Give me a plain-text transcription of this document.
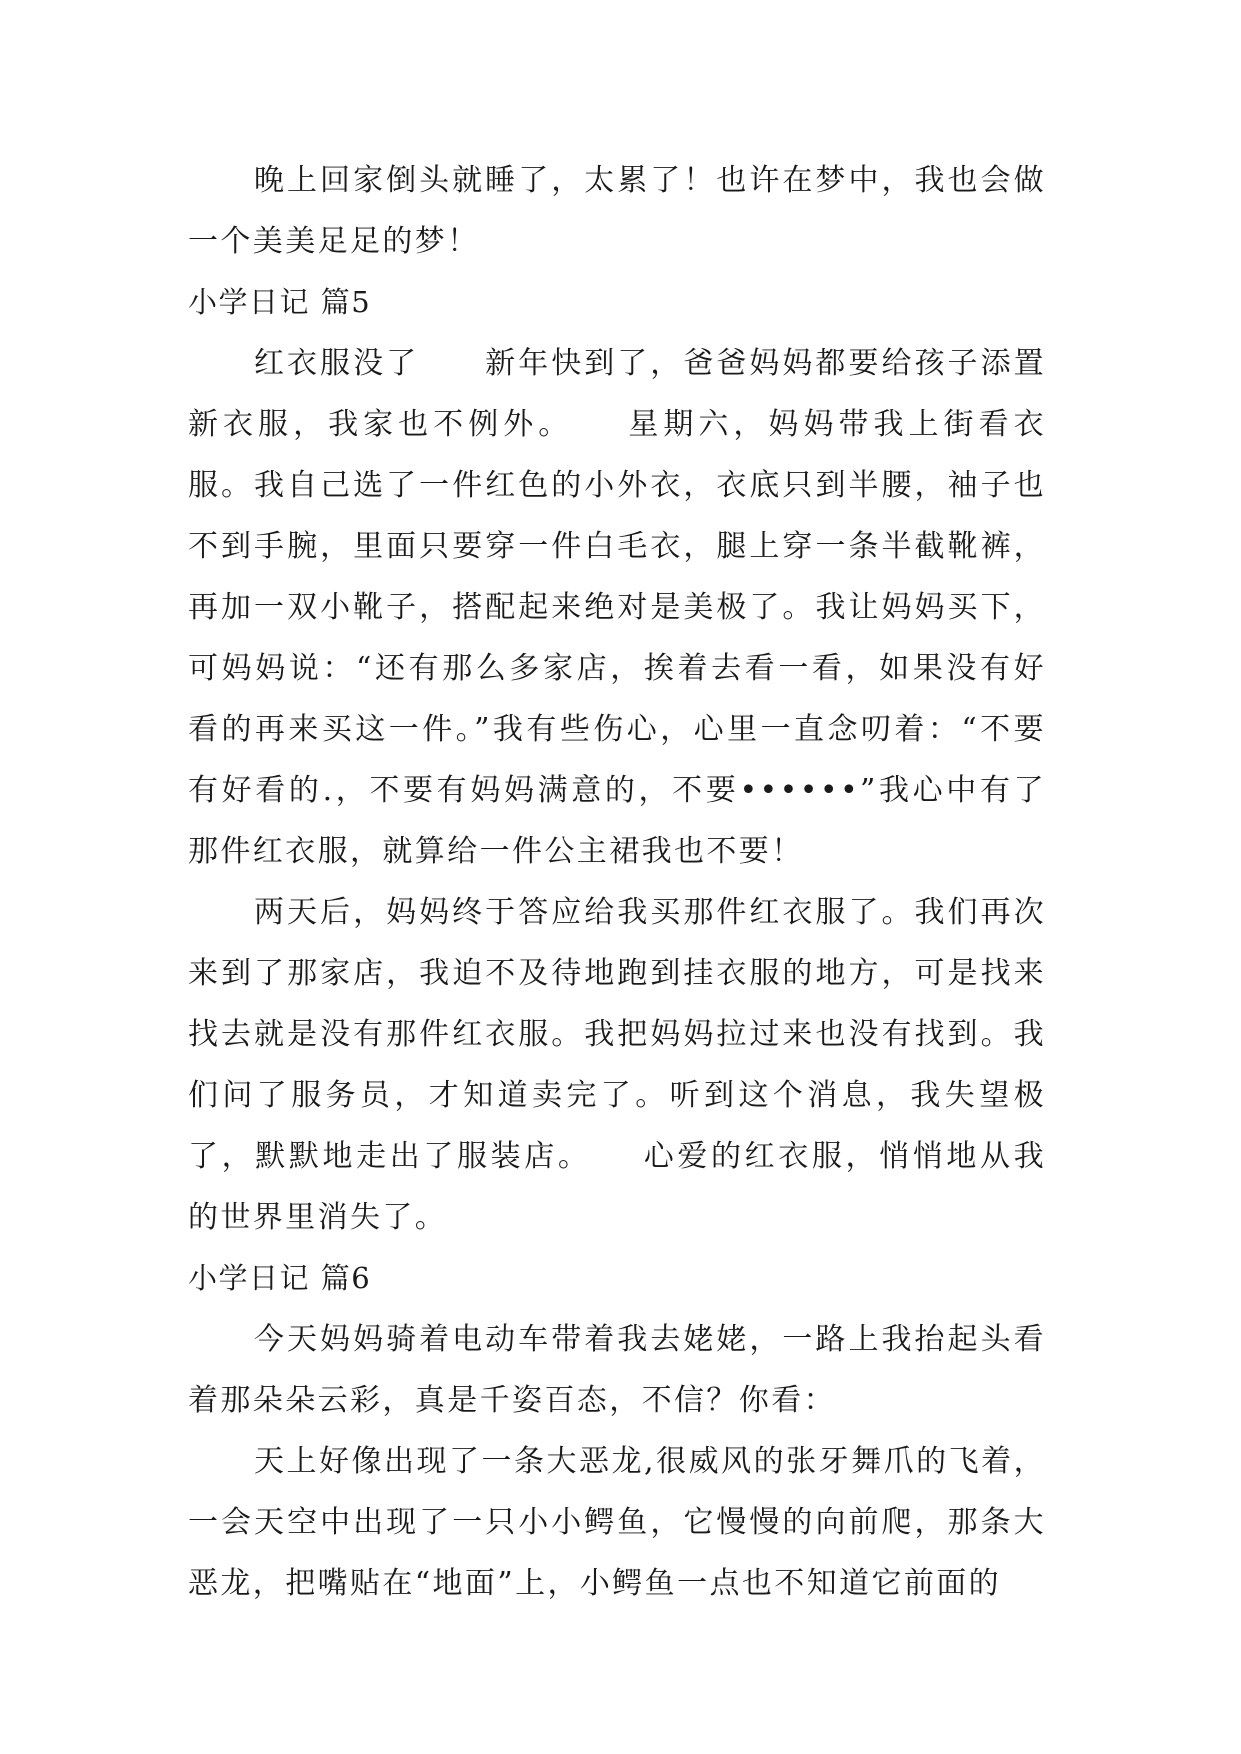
晚上回家倒头就睡了，太累了！也许在梦中，我也会做一个美美足足的梦！

小学日记 篇5

红衣服没了　　新年快到了，爸爸妈妈都要给孩子添置新衣服，我家也不例外。　　星期六，妈妈带我上街看衣服。我自己选了一件红色的小外衣，衣底只到半腰，袖子也不到手腕，里面只要穿一件白毛衣，腿上穿一条半截靴裤，再加一双小靴子，搭配起来绝对是美极了。我让妈妈买下，可妈妈说：“还有那么多家店，挨着去看一看，如果没有好看的再来买这一件。”我有些伤心，心里一直念叨着：“不要有好看的.，不要有妈妈满意的，不要••••••”我心中有了那件红衣服，就算给一件公主裙我也不要！

两天后，妈妈终于答应给我买那件红衣服了。我们再次来到了那家店，我迫不及待地跑到挂衣服的地方，可是找来找去就是没有那件红衣服。我把妈妈拉过来也没有找到。我们问了服务员，才知道卖完了。听到这个消息，我失望极了，默默地走出了服装店。　　心爱的红衣服，悄悄地从我的世界里消失了。

小学日记 篇6

今天妈妈骑着电动车带着我去姥姥，一路上我抬起头看着那朵朵云彩，真是千姿百态，不信？你看：

天上好像出现了一条大恶龙,很威风的张牙舞爪的飞着，一会天空中出现了一只小小鳄鱼，它慢慢的向前爬，那条大恶龙，把嘴贴在“地面”上，小鳄鱼一点也不知道它前面的
